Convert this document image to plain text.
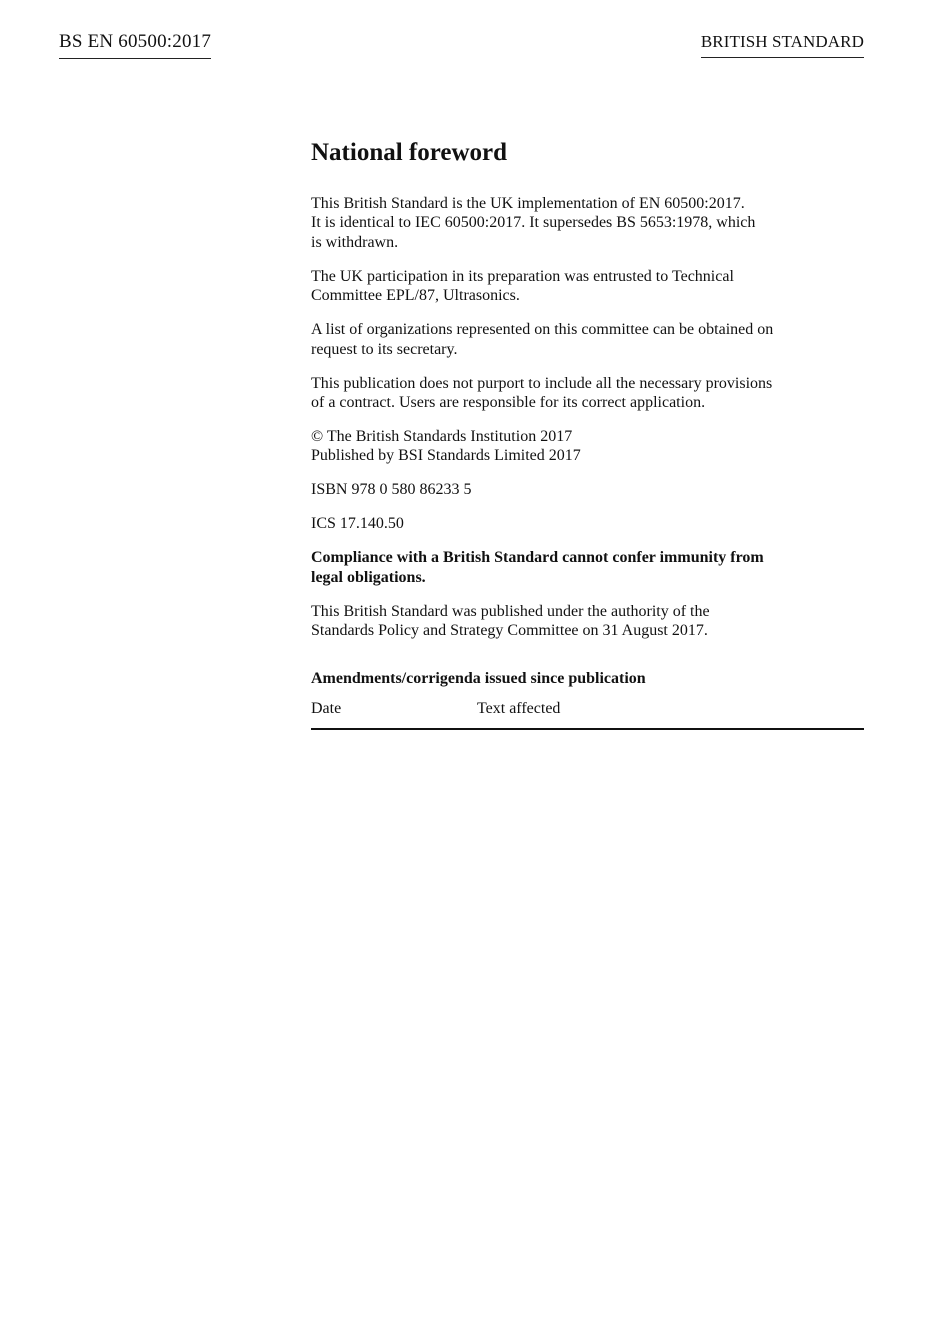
BS EN 60500:2017	BRITISH STANDARD
National foreword

This British Standard is the UK implementation of EN 60500:2017.
It is identical to IEC 60500:2017. It supersedes BS 5653:1978, which
is withdrawn.

The UK participation in its preparation was entrusted to Technical
Committee EPL/87, Ultrasonics.

A list of organizations represented on this committee can be obtained on
request to its secretary.

This publication does not purport to include all the necessary provisions
of a contract. Users are responsible for its correct application.

© The British Standards Institution 2017
Published by BSI Standards Limited 2017

ISBN 978 0 580 86233 5

ICS 17.140.50

Compliance with a British Standard cannot confer immunity from
legal obligations.

This British Standard was published under the authority of the
Standards Policy and Strategy Committee on 31 August 2017.

Amendments/corrigenda issued since publication
Date	Text affected
